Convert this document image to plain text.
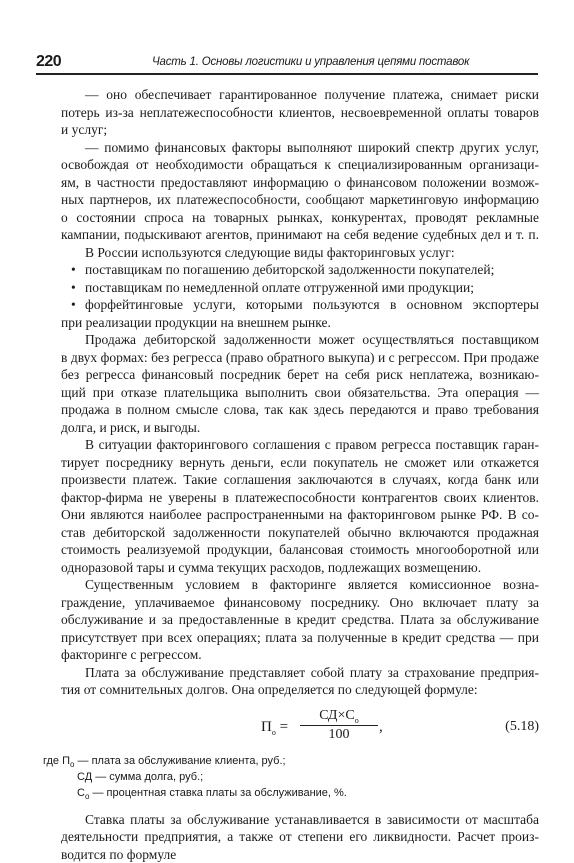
220	Часть 1. Основы логистики и управления цепями поставок
— оно обеспечивает гарантированное получение платежа, снимает риски
потерь из-за неплатежеспособности клиентов, несвоевременной оплаты товаров
и услуг;
— помимо финансовых факторы выполняют широкий спектр других услуг,
освобождая от необходимости обращаться к специализированным организаци-
ям, в частности предоставляют информацию о финансовом положении возмож-
ных партнеров, их платежеспособности, сообщают маркетинговую информацию
о состоянии спроса на товарных рынках, конкурентах, проводят рекламные
кампании, подыскивают агентов, принимают на себя ведение судебных дел и т. п.
В России используются следующие виды факторинговых услуг:
• поставщикам по погашению дебиторской задолженности покупателей;
• поставщикам по немедленной оплате отгруженной ими продукции;
• форфейтинговые услуги, которыми пользуются в основном экспортеры
при реализации продукции на внешнем рынке.
Продажа дебиторской задолженности может осуществляться поставщиком
в двух формах: без регресса (право обратного выкупа) и с регрессом. При продаже
без регресса финансовый посредник берет на себя риск неплатежа, возникаю-
щий при отказе плательщика выполнить свои обязательства. Эта операция —
продажа в полном смысле слова, так как здесь передаются и право требования
долга, и риск, и выгоды.
В ситуации факторингового соглашения с правом регресса поставщик гаран-
тирует посреднику вернуть деньги, если покупатель не сможет или откажется
произвести платеж. Такие соглашения заключаются в случаях, когда банк или
фактор-фирма не уверены в платежеспособности контрагентов своих клиентов.
Они являются наиболее распространенными на факторинговом рынке РФ. В со-
став дебиторской задолженности покупателей обычно включаются продажная
стоимость реализуемой продукции, балансовая стоимость многооборотной или
одноразовой тары и сумма текущих расходов, подлежащих возмещению.
Существенным условием в факторинге является комиссионное возна-
граждение, уплачиваемое финансовому посреднику. Оно включает плату за
обслуживание и за предоставленные в кредит средства. Плата за обслуживание
присутствует при всех операциях; плата за полученные в кредит средства — при
факторинге с регрессом.
Плата за обслуживание представляет собой плату за страхование предприя-
тия от сомнительных долгов. Она определяется по следующей формуле:
$П_о$ =
$СД\times С_о$
100
,	(5.18)
где $П_о$ — плата за обслуживание клиента, руб.;
СД — сумма долга, руб.;
$С_о$ — процентная ставка платы за обслуживание, %.
Ставка платы за обслуживание устанавливается в зависимости от масштаба
деятельности предприятия, а также от степени его ликвидности. Расчет произ-
водится по формуле
